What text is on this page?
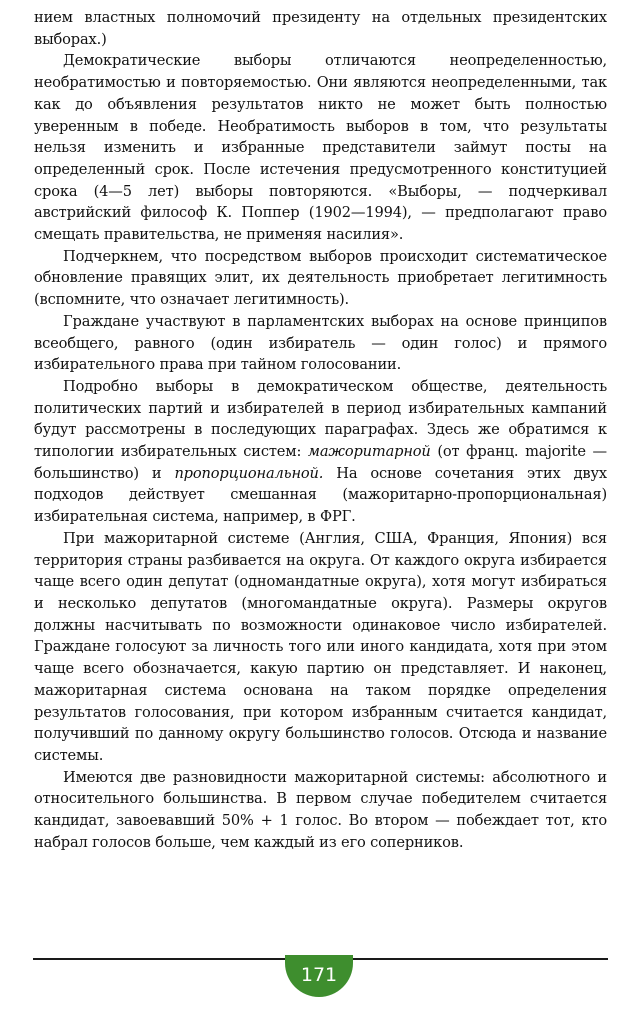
нием властных полномочий президенту на отдельных президентских выборах.)

Демократические выборы отличаются неопределенностью, необратимостью и повторяемостью. Они являются неопределенными, так как до объявления результатов никто не может быть полностью уверенным в победе. Необратимость выборов в том, что результаты нельзя изменить и избранные представители займут посты на определенный срок. После истечения предусмотренного конституцией срока (4—5 лет) выборы повторяются. «Выборы, — подчеркивал австрийский философ К. Поппер (1902—1994), — предполагают право смещать правительства, не применяя насилия».

Подчеркнем, что посредством выборов происходит систематическое обновление правящих элит, их деятельность приобретает легитимность (вспомните, что означает легитимность).

Граждане участвуют в парламентских выборах на основе принципов всеобщего, равного (один избиратель — один голос) и прямого избирательного права при тайном голосовании.

Подробно выборы в демократическом обществе, деятельность политических партий и избирателей в период избирательных кампаний будут рассмотрены в последующих параграфах. Здесь же обратимся к типологии избирательных систем: мажоритарной (от франц. majorite — большинство) и пропорциональной. На основе сочетания этих двух подходов действует смешанная (мажоритарно-пропорциональная) избирательная система, например, в ФРГ.

При мажоритарной системе (Англия, США, Франция, Япония) вся территория страны разбивается на округа. От каждого округа избирается чаще всего один депутат (одномандатные округа), хотя могут избираться и несколько депутатов (многомандатные округа). Размеры округов должны насчитывать по возможности одинаковое число избирателей. Граждане голосуют за личность того или иного кандидата, хотя при этом чаще всего обозначается, какую партию он представляет. И наконец, мажоритарная система основана на таком порядке определения результатов голосования, при котором избранным считается кандидат, получивший по данному округу большинство голосов. Отсюда и название системы.

Имеются две разновидности мажоритарной системы: абсолютного и относительного большинства. В первом случае победителем считается кандидат, завоевавший 50% + 1 голос. Во втором — побеждает тот, кто набрал голосов больше, чем каждый из его соперников.

171
